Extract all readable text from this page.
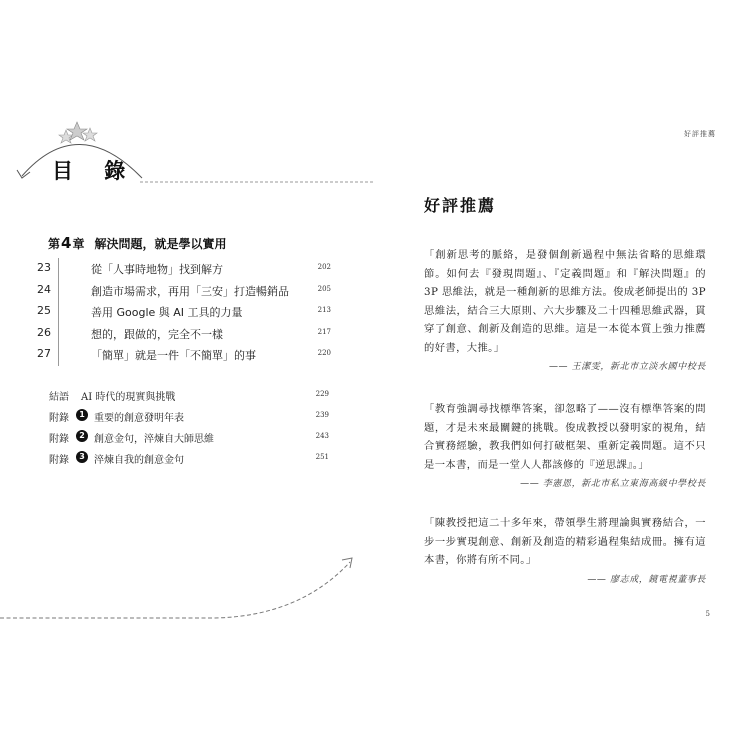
目 錄
第4章 解決問題，就是學以實用
23	從「人事時地物」找到解方	202
24	創造市場需求，再用「三安」打造暢銷品	205
25	善用 Google 與 AI 工具的力量	213
26	想的，跟做的，完全不一樣	217
27	「簡單」就是一件「不簡單」的事	220
結語 AI 時代的現實與挑戰	229
附錄	1 重要的創意發明年表	239
附錄	2 創意金句，淬煉自大師思維	243
附錄	3 淬煉自我的創意金句	251
好評推薦
好評推薦

「創新思考的脈絡，是發個創新過程中無法省略的思維環節。如何去『發現問題』、『定義問題』和『解決問題』的 3P 思維法，就是一種創新的思維方法。俊成老師提出的 3P 思維法，結合三大原則、六大步驟及二十四種思維武器，貫穿了創意、創新及創造的思維。這是一本從本質上強力推薦的好書，大推。」

—— 王潔雯，新北市立淡水國中校長

「教育強調尋找標準答案，卻忽略了——沒有標準答案的問題，才是未來最關鍵的挑戰。俊成教授以發明家的視角，結合實務經驗，教我們如何打破框架、重新定義問題。這不只是一本書，而是一堂人人都該修的『逆思課』。」

—— 李憲恩，新北市私立東海高級中學校長

「陳教授把這二十多年來，帶領學生將理論與實務結合，一步一步實現創意、創新及創造的精彩過程集結成冊。擁有這本書，你將有所不同。」

—— 廖志成，鏡電視董事長
5
